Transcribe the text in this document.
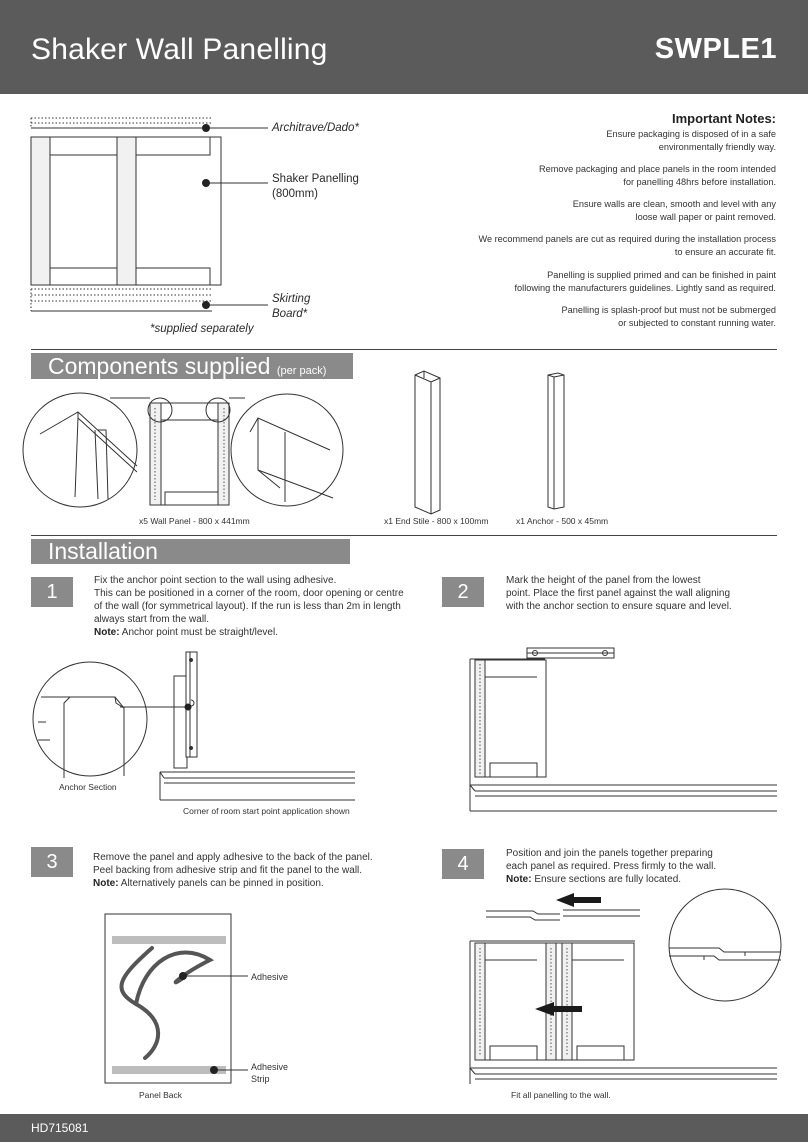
Shaker Wall Panelling	SWPLE1
Architrave/Dado*
Shaker Panelling
(800mm)
Skirting
Board*
*supplied separately
Important Notes:
Ensure packaging is disposed of in a safe
environmentally friendly way.
Remove packaging and place panels in the room intended
for panelling 48hrs before installation.
Ensure walls are clean, smooth and level with any
loose wall paper or paint removed.
We recommend panels are cut as required during the installation process
to ensure an accurate fit.
Panelling is supplied primed and can be finished in paint
following the manufacturers guidelines. Lightly sand as required.
Panelling is splash-proof but must not be submerged
or subjected to constant running water.
Components supplied (per pack)
x5 Wall Panel - 800 x 441mm	x1 End Stile - 800 x 100mm	x1 Anchor - 500 x 45mm
Installation
1
Fix the anchor point section to the wall using adhesive.
This can be positioned in a corner of the room, door opening or centre
of the wall (for symmetrical layout). If the run is less than 2m in length
always start from the wall.
Note: Anchor point must be straight/level.
Anchor Section
Corner of room start point application shown
2
Mark the height of the panel from the lowest
point. Place the first panel against the wall aligning
with the anchor section to ensure square and level.
3	Remove the panel and apply adhesive to the back of the panel.
Peel backing from adhesive strip and fit the panel to the wall.
Note: Alternatively panels can be pinned in position.
Adhesive
Adhesive
Strip
Panel Back
4	Position and join the panels together preparing
each panel as required. Press firmly to the wall.
Note: Ensure sections are fully located.
Fit all panelling to the wall.
HD715081
